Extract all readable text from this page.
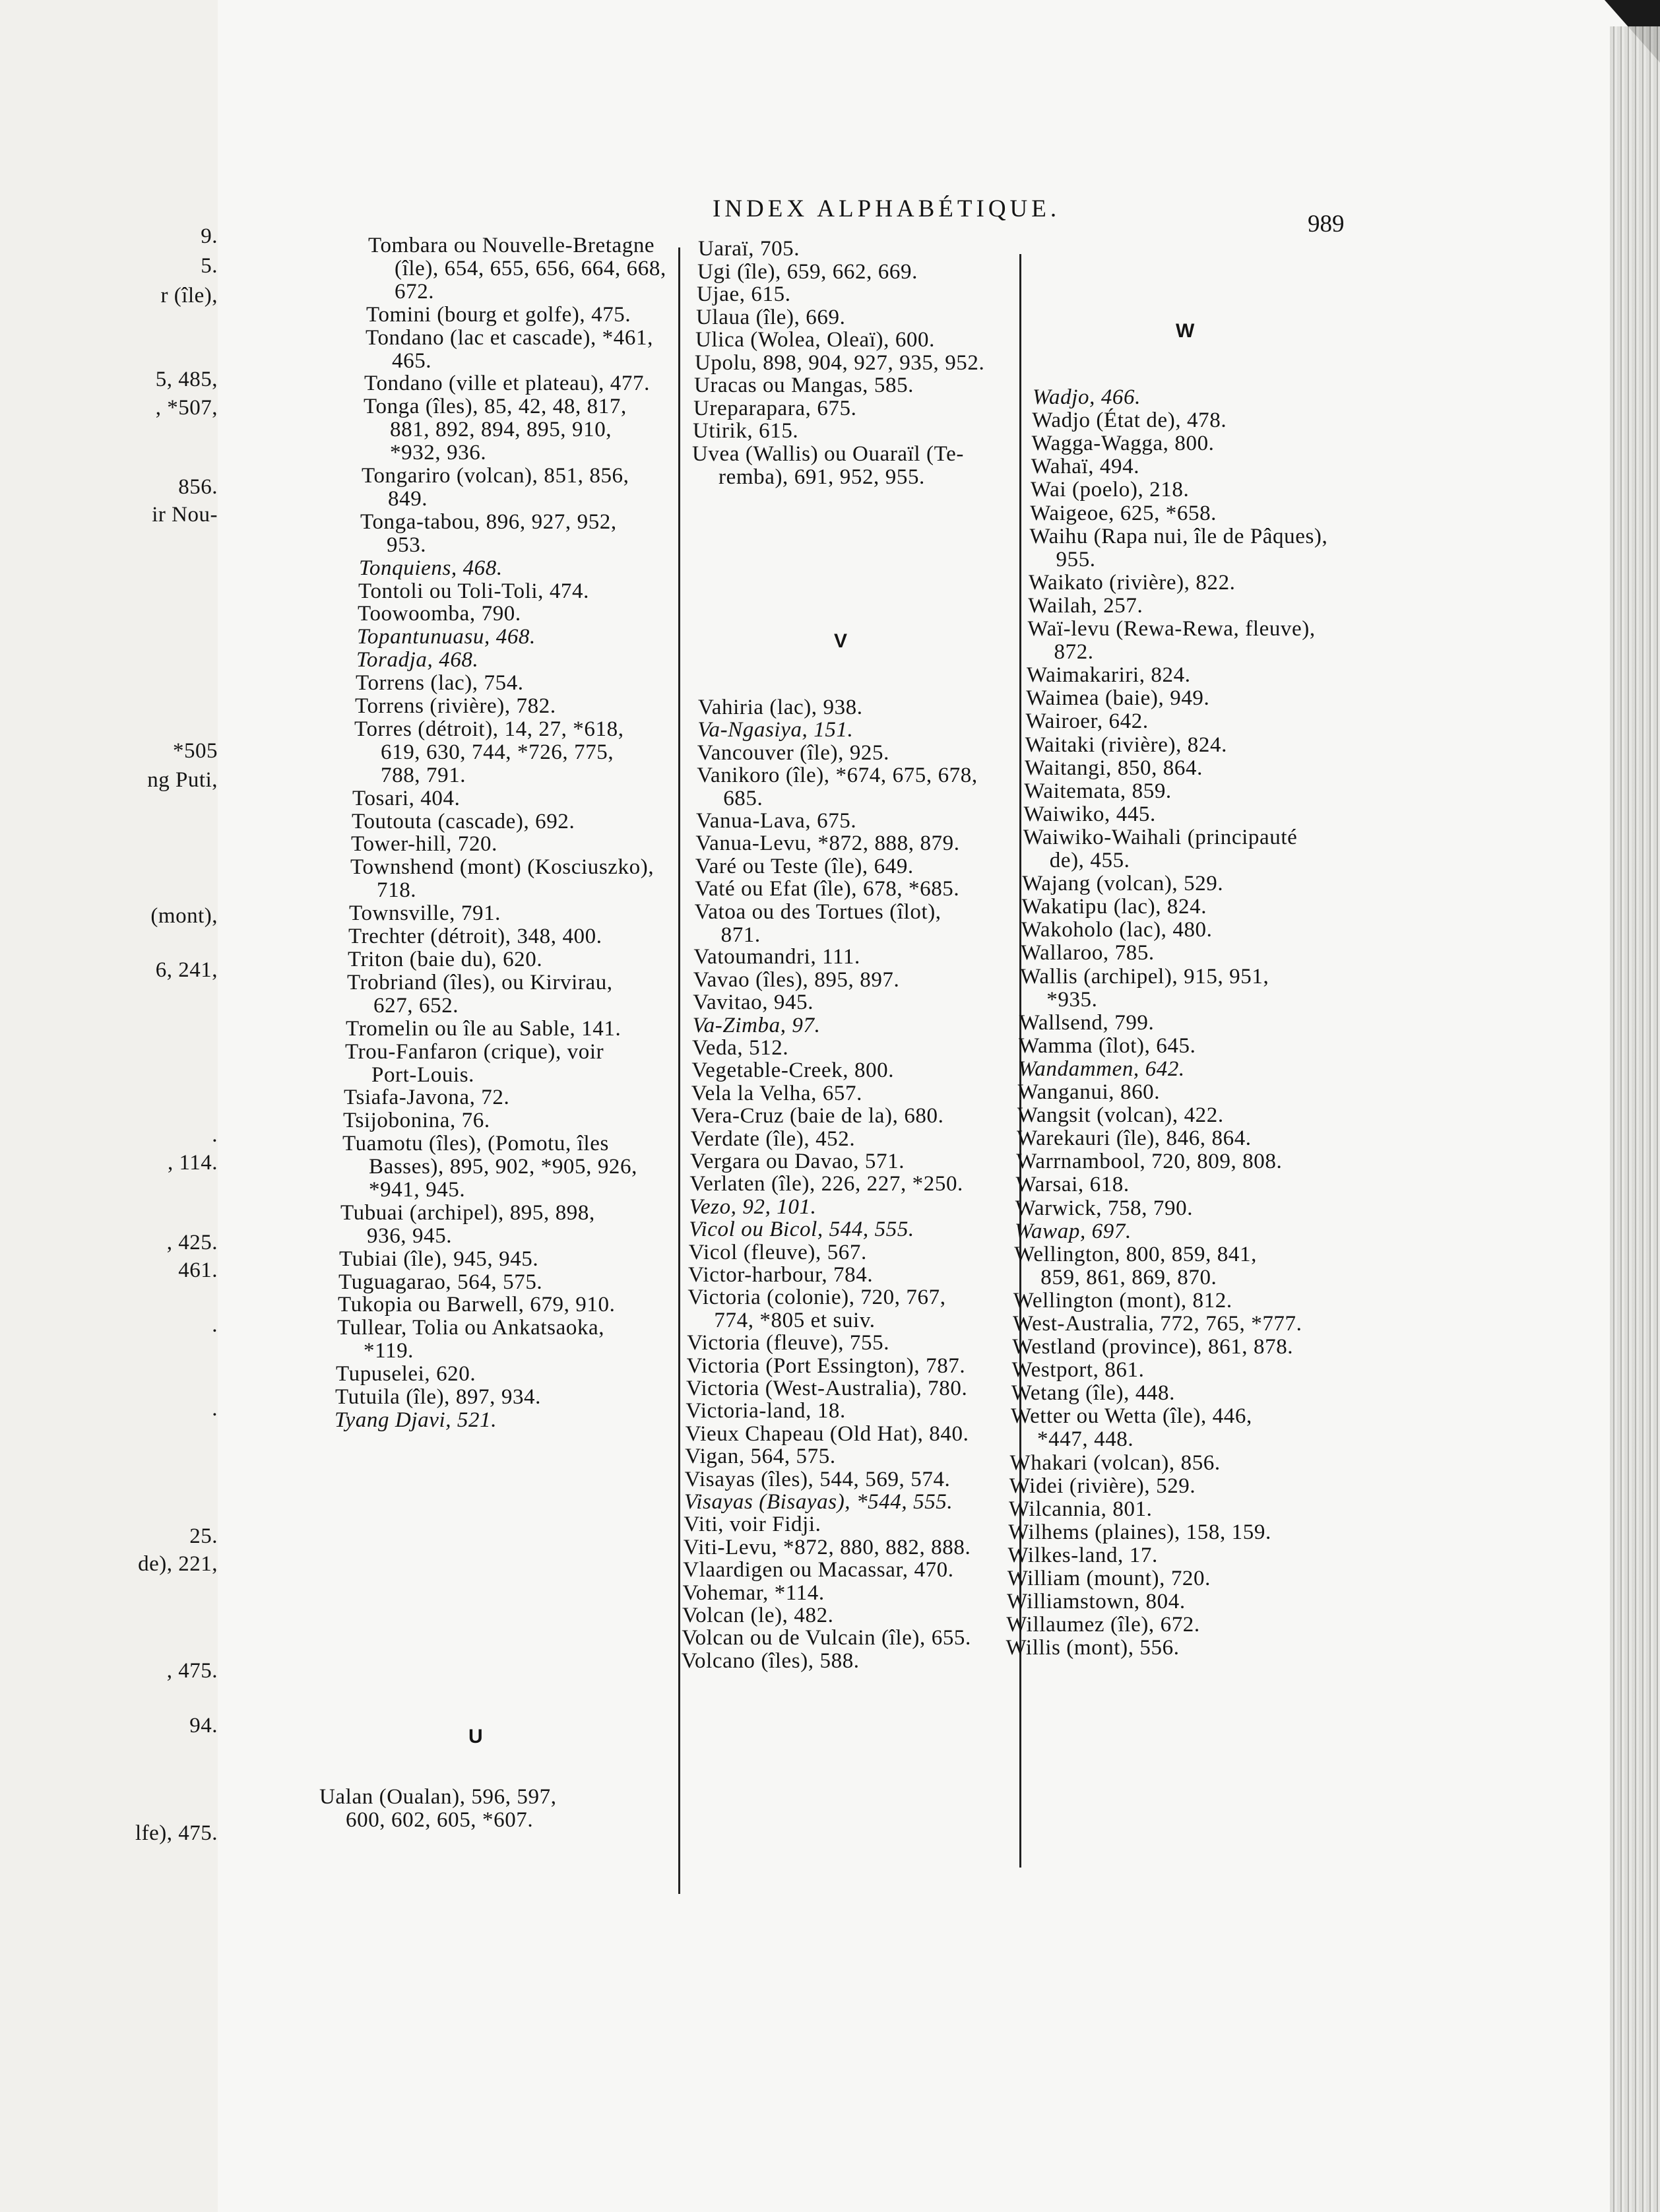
9.
5.
r (île),
5, 485,
, *507,
856.
ir Nou-
*505
ng Puti,
(mont),
6, 241,
.
, 114.
, 425.
461.
.
.
25.
de), 221,
, 475.
94.
lfe), 475.
INDEX ALPHABÉTIQUE.
989
Tombara ou Nouvelle-Bretagne
(île), 654, 655, 656, 664, 668,
672.
Tomini (bourg et golfe), 475.
Tondano (lac et cascade), *461,
465.
Tondano (ville et plateau), 477.
Tonga (îles), 85, 42, 48, 817,
881, 892, 894, 895, 910,
*932, 936.
Tongariro (volcan), 851, 856,
849.
Tonga-tabou, 896, 927, 952,
953.
Tonquiens, 468.
Tontoli ou Toli-Toli, 474.
Toowoomba, 790.
Topantunuasu, 468.
Toradja, 468.
Torrens (lac), 754.
Torrens (rivière), 782.
Torres (détroit), 14, 27, *618,
619, 630, 744, *726, 775,
788, 791.
Tosari, 404.
Toutouta (cascade), 692.
Tower-hill, 720.
Townshend (mont) (Kosciuszko),
718.
Townsville, 791.
Trechter (détroit), 348, 400.
Triton (baie du), 620.
Trobriand (îles), ou Kirvirau,
627, 652.
Tromelin ou île au Sable, 141.
Trou-Fanfaron (crique), voir
Port-Louis.
Tsiafa-Javona, 72.
Tsijobonina, 76.
Tuamotu (îles), (Pomotu, îles
Basses), 895, 902, *905, 926,
*941, 945.
Tubuai (archipel), 895, 898,
936, 945.
Tubiai (île), 945, 945.
Tuguagarao, 564, 575.
Tukopia ou Barwell, 679, 910.
Tullear, Tolia ou Ankatsaoka,
*119.
Tupuselei, 620.
Tutuila (île), 897, 934.
Tyang Djavi, 521.
U
Ualan (Oualan), 596, 597,
600, 602, 605, *607.
Uaraï, 705.
Ugi (île), 659, 662, 669.
Ujae, 615.
Ulaua (île), 669.
Ulica (Wolea, Oleaï), 600.
Upolu, 898, 904, 927, 935, 952.
Uracas ou Mangas, 585.
Ureparapara, 675.
Utirik, 615.
Uvea (Wallis) ou Ouaraïl (Te-
remba), 691, 952, 955.
V
Vahiria (lac), 938.
Va-Ngasiya, 151.
Vancouver (île), 925.
Vanikoro (île), *674, 675, 678,
685.
Vanua-Lava, 675.
Vanua-Levu, *872, 888, 879.
Varé ou Teste (île), 649.
Vaté ou Efat (île), 678, *685.
Vatoa ou des Tortues (îlot),
871.
Vatoumandri, 111.
Vavao (îles), 895, 897.
Vavitao, 945.
Va-Zimba, 97.
Veda, 512.
Vegetable-Creek, 800.
Vela la Velha, 657.
Vera-Cruz (baie de la), 680.
Verdate (île), 452.
Vergara ou Davao, 571.
Verlaten (île), 226, 227, *250.
Vezo, 92, 101.
Vicol ou Bicol, 544, 555.
Vicol (fleuve), 567.
Victor-harbour, 784.
Victoria (colonie), 720, 767,
774, *805 et suiv.
Victoria (fleuve), 755.
Victoria (Port Essington), 787.
Victoria (West-Australia), 780.
Victoria-land, 18.
Vieux Chapeau (Old Hat), 840.
Vigan, 564, 575.
Visayas (îles), 544, 569, 574.
Visayas (Bisayas), *544, 555.
Viti, voir Fidji.
Viti-Levu, *872, 880, 882, 888.
Vlaardigen ou Macassar, 470.
Vohemar, *114.
Volcan (le), 482.
Volcan ou de Vulcain (île), 655.
Volcano (îles), 588.
W
Wadjo, 466.
Wadjo (État de), 478.
Wagga-Wagga, 800.
Wahaï, 494.
Wai (poelo), 218.
Waigeoe, 625, *658.
Waihu (Rapa nui, île de Pâques),
955.
Waikato (rivière), 822.
Wailah, 257.
Waï-levu (Rewa-Rewa, fleuve),
872.
Waimakariri, 824.
Waimea (baie), 949.
Wairoer, 642.
Waitaki (rivière), 824.
Waitangi, 850, 864.
Waitemata, 859.
Waiwiko, 445.
Waiwiko-Waihali (principauté
de), 455.
Wajang (volcan), 529.
Wakatipu (lac), 824.
Wakoholo (lac), 480.
Wallaroo, 785.
Wallis (archipel), 915, 951,
*935.
Wallsend, 799.
Wamma (îlot), 645.
Wandammen, 642.
Wanganui, 860.
Wangsit (volcan), 422.
Warekauri (île), 846, 864.
Warrnambool, 720, 809, 808.
Warsai, 618.
Warwick, 758, 790.
Wawap, 697.
Wellington, 800, 859, 841,
859, 861, 869, 870.
Wellington (mont), 812.
West-Australia, 772, 765, *777.
Westland (province), 861, 878.
Westport, 861.
Wetang (île), 448.
Wetter ou Wetta (île), 446,
*447, 448.
Whakari (volcan), 856.
Widei (rivière), 529.
Wilcannia, 801.
Wilhems (plaines), 158, 159.
Wilkes-land, 17.
William (mount), 720.
Williamstown, 804.
Willaumez (île), 672.
Willis (mont), 556.
